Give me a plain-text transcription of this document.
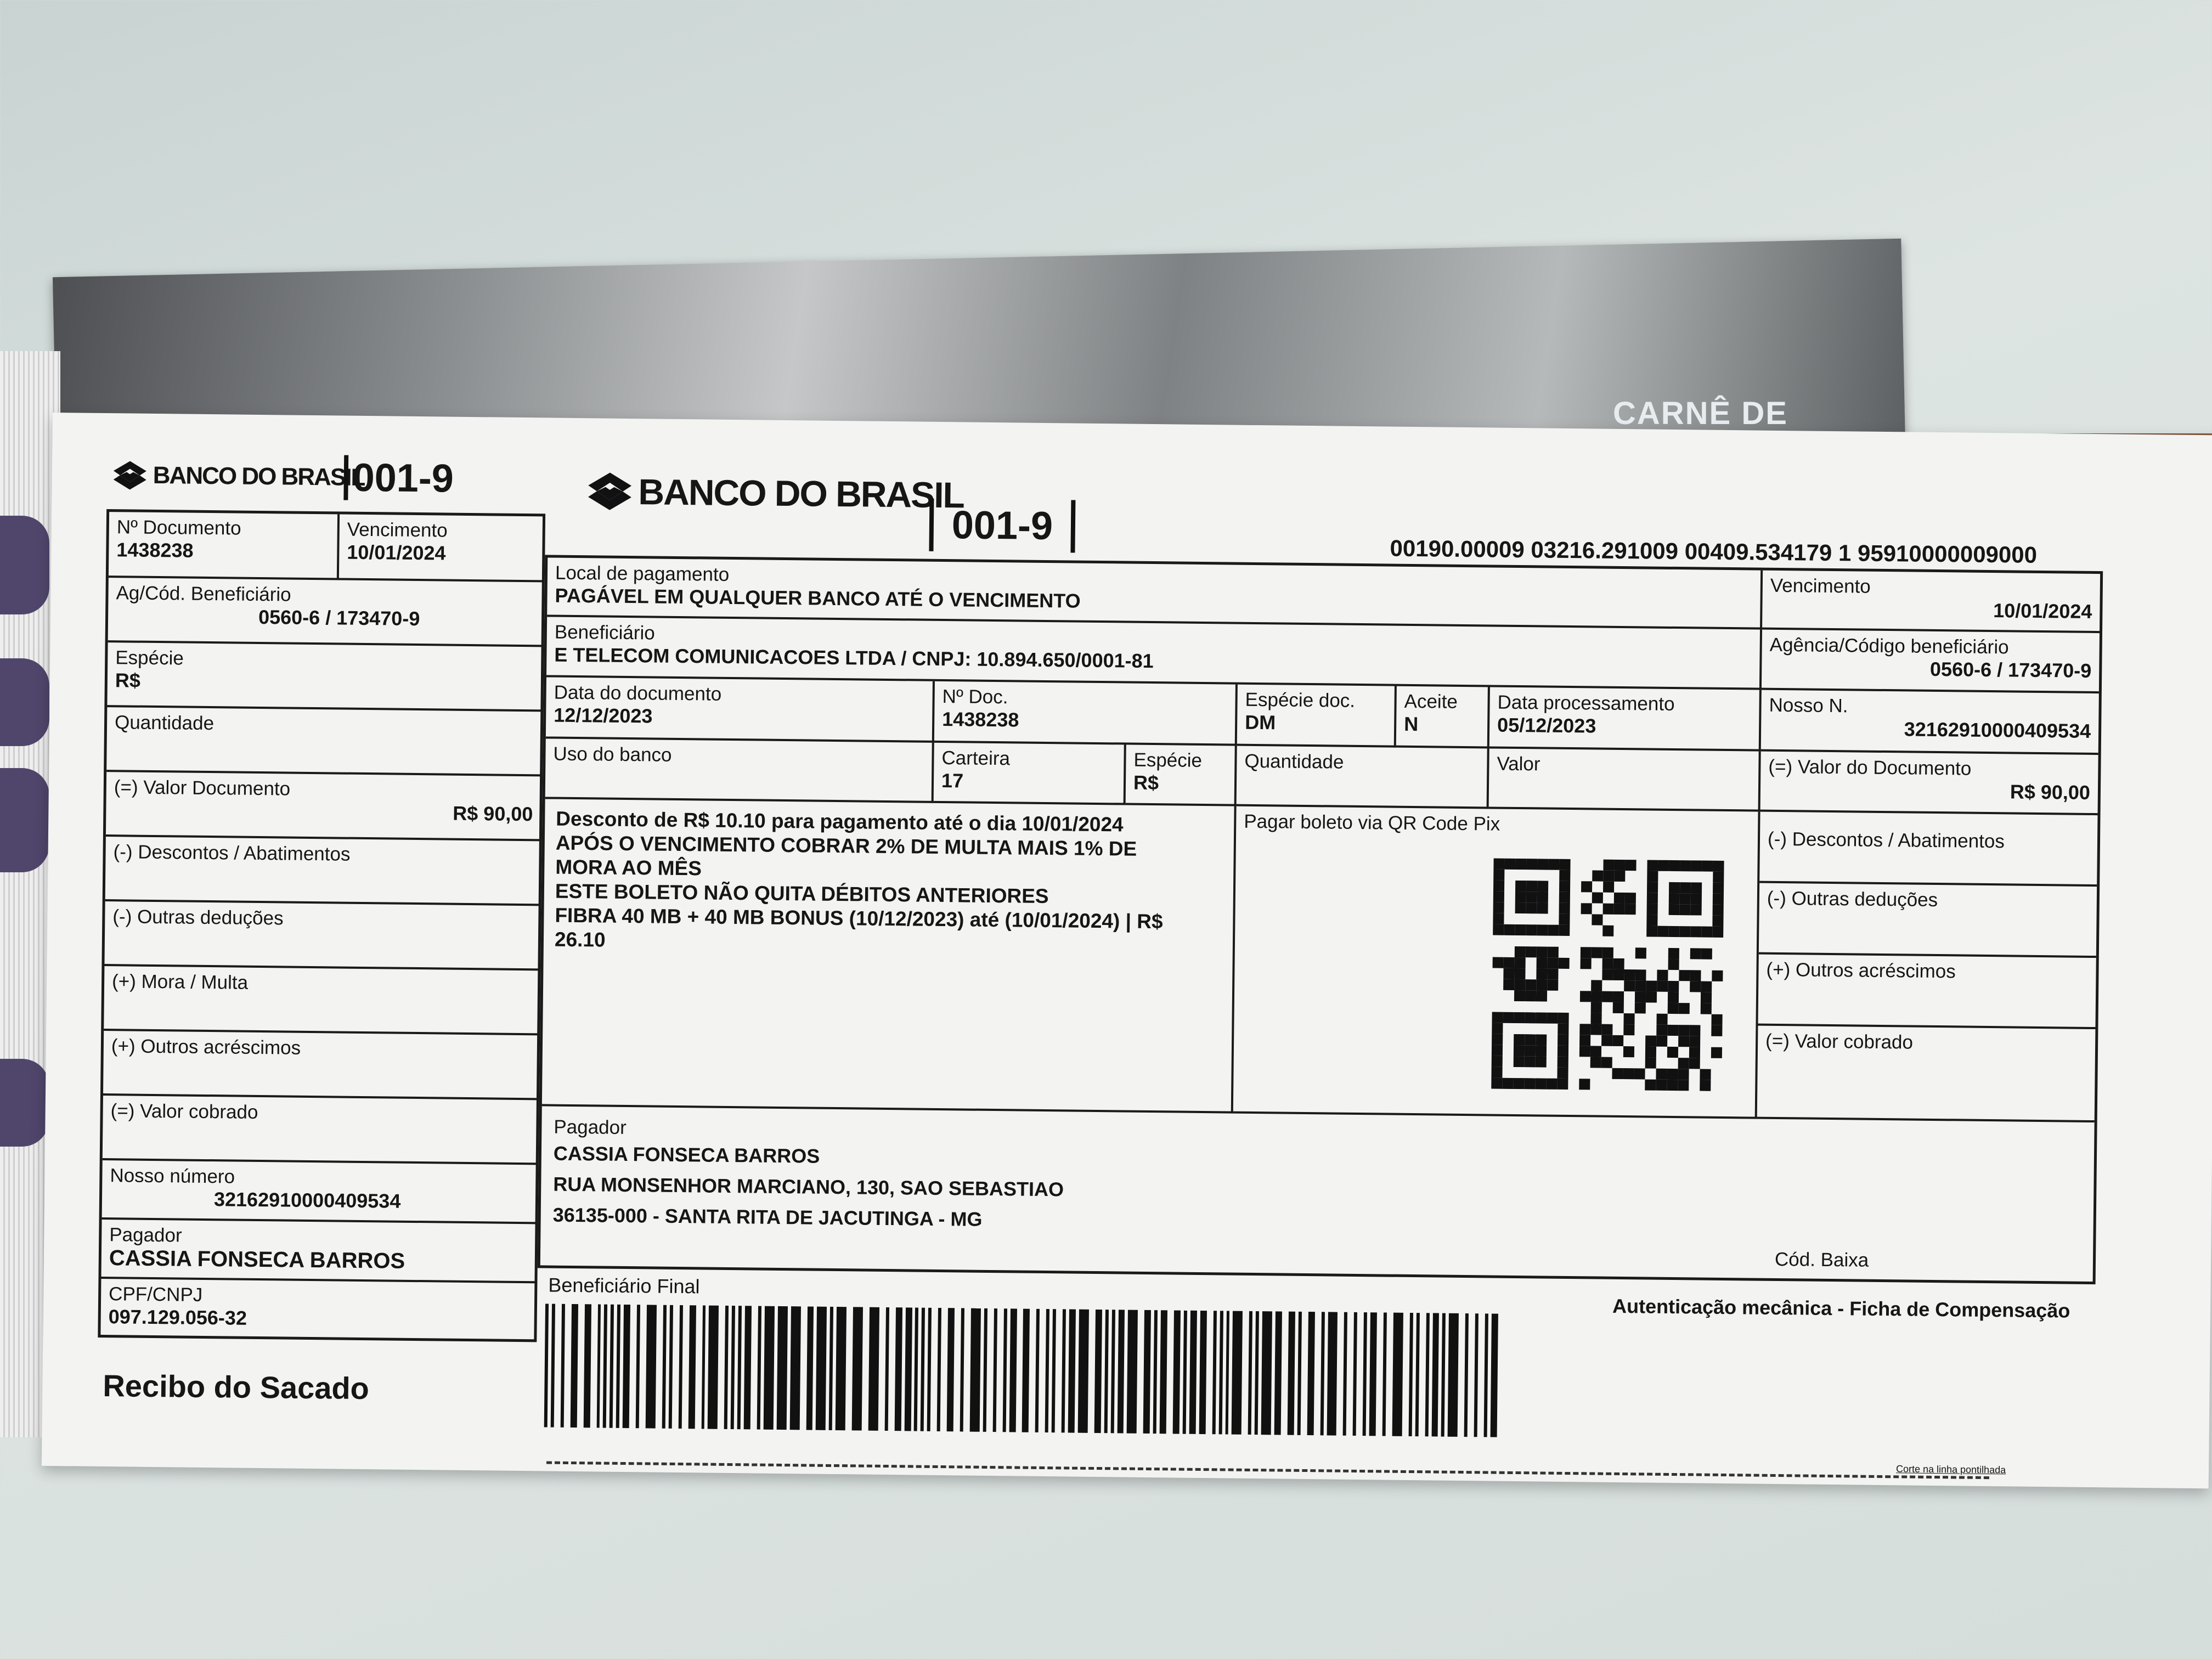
CARNÊ DE
BANCO DO BRASIL
001-9
Nº Documento
1438238
Vencimento
10/01/2024
Ag/Cód. Beneficiário
0560-6 / 173470-9
Espécie
R$
Quantidade
(=) Valor Documento
R$ 90,00
(-) Descontos / Abatimentos
(-) Outras deduções
(+) Mora / Multa
(+) Outros acréscimos
(=) Valor cobrado
Nosso número
32162910000409534
Pagador
CASSIA FONSECA BARROS
CPF/CNPJ
097.129.056-32
Recibo do Sacado
BANCO DO BRASIL
001-9
00190.00009 03216.291009 00409.534179 1 95910000009000
Local de pagamento
PAGÁVEL EM QUALQUER BANCO ATÉ O VENCIMENTO
Beneficiário
E TELECOM COMUNICACOES LTDA / CNPJ: 10.894.650/0001-81
Data do documento
12/12/2023
Nº Doc.
1438238
Espécie doc.
DM
Aceite
N
Data processamento
05/12/2023
Uso do banco	Carteira
17
Espécie
R$
Quantidade	Valor

Desconto de R$ 10.10 para pagamento até o dia 10/01/2024

APÓS O VENCIMENTO COBRAR 2% DE MULTA MAIS 1% DE

MORA AO MÊS

ESTE BOLETO NÃO QUITA DÉBITOS ANTERIORES

FIBRA 40 MB + 40 MB BONUS (10/12/2023) até (10/01/2024) | R$

26.10

Pagar boleto via QR Code Pix
Vencimento
10/01/2024
Agência/Código beneficiário
0560-6 / 173470-9
Nosso N.
32162910000409534
(=) Valor do Documento
R$ 90,00
(-) Descontos / Abatimentos
(-) Outras deduções
(+) Outros acréscimos
(=) Valor cobrado
Pagador
CASSIA FONSECA BARROS
RUA MONSENHOR MARCIANO, 130, SAO SEBASTIAO
36135-000 - SANTA RITA DE JACUTINGA - MG
Cód. Baixa
Beneficiário Final
Autenticação mecânica - Ficha de Compensação
Corte na linha pontilhada
